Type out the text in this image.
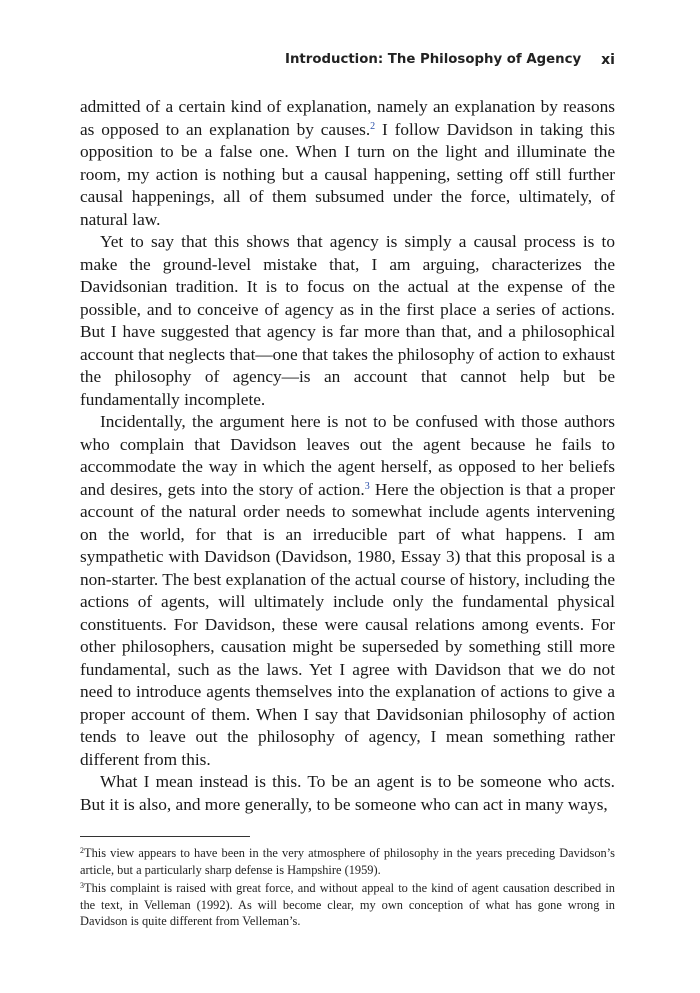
Introduction: The Philosophy of Agency xi

admitted of a certain kind of explanation, namely an explanation by reasons as opposed to an explanation by causes.$^2$ I follow Davidson in taking this opposition to be a false one. When I turn on the light and illuminate the room, my action is nothing but a causal happening, setting off still further causal happenings, all of them subsumed under the force, ultimately, of natural law.

Yet to say that this shows that agency is simply a causal process is to make the ground-level mistake that, I am arguing, characterizes the Davidsonian tradition. It is to focus on the actual at the expense of the possible, and to conceive of agency as in the first place a series of actions. But I have suggested that agency is far more than that, and a philosophical account that neglects that—one that takes the philosophy of action to exhaust the philosophy of agency—is an account that cannot help but be fundamentally incomplete.

Incidentally, the argument here is not to be confused with those authors who complain that Davidson leaves out the agent because he fails to accommodate the way in which the agent herself, as opposed to her beliefs and desires, gets into the story of action.$^3$ Here the objection is that a proper account of the natural order needs to somewhat include agents intervening on the world, for that is an irreducible part of what happens. I am sympathetic with Davidson (Davidson, 1980, Essay 3) that this proposal is a non-starter. The best explanation of the actual course of history, including the actions of agents, will ultimately include only the fundamental physical constituents. For Davidson, these were causal relations among events. For other philosophers, causation might be superseded by something still more fundamental, such as the laws. Yet I agree with Davidson that we do not need to introduce agents themselves into the explanation of actions to give a proper account of them. When I say that Davidsonian philosophy of action tends to leave out the philosophy of agency, I mean something rather different from this.

What I mean instead is this. To be an agent is to be someone who acts. But it is also, and more generally, to be someone who can act in many ways,

$^2$This view appears to have been in the very atmosphere of philosophy in the years preceding Davidson’s article, but a particularly sharp defense is Hampshire (1959).

$^3$This complaint is raised with great force, and without appeal to the kind of agent causation described in the text, in Velleman (1992). As will become clear, my own conception of what has gone wrong in Davidson is quite different from Velleman’s.
